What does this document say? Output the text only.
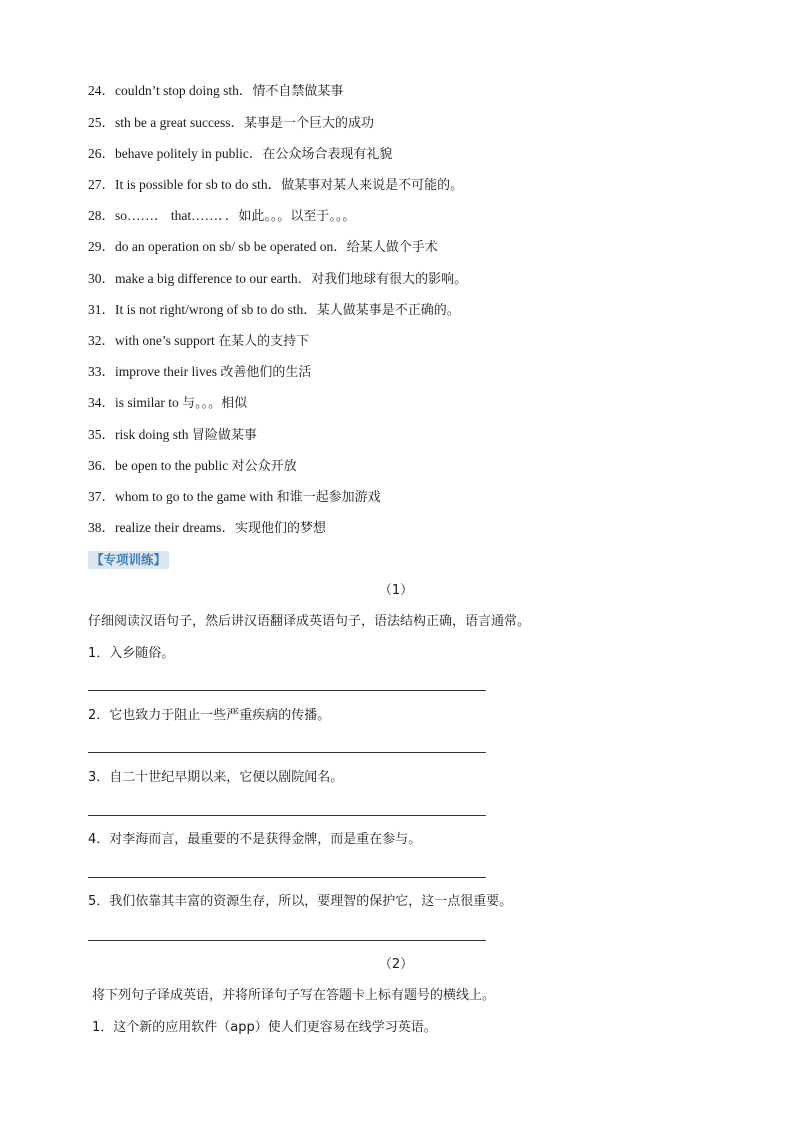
24．couldn’t stop doing sth．情不自禁做某事
25．sth be a great success．某事是一个巨大的成功
26．behave politely in public．在公众场合表现有礼貌
27．It is possible for sb to do sth．做某事对某人来说是不可能的。
28．so……． that……．．如此。。。以至于。。。
29．do an operation on sb/ sb be operated on．给某人做个手术
30．make a big difference to our earth．对我们地球有很大的影响。
31．It is not right/wrong of sb to do sth．某人做某事是不正确的。
32．with one’s support 在某人的支持下
33．improve their lives 改善他们的生活
34．is similar to 与。。。相似
35．risk doing sth 冒险做某事
36．be open to the public 对公众开放
37．whom to go to the game with 和谁一起参加游戏
38．realize their dreams．实现他们的梦想
【专项训练】
（1）
仔细阅读汉语句子，然后讲汉语翻译成英语句子，语法结构正确，语言通常。
1．入乡随俗。
2．它也致力于阻止一些严重疾病的传播。
3．自二十世纪早期以来，它便以剧院闻名。
4．对李海而言，最重要的不是获得金牌，而是重在参与。
5．我们依靠其丰富的资源生存，所以，要理智的保护它，这一点很重要。
（2）
将下列句子译成英语，并将所译句子写在答题卡上标有题号的横线上。
1．这个新的应用软件（app）使人们更容易在线学习英语。
